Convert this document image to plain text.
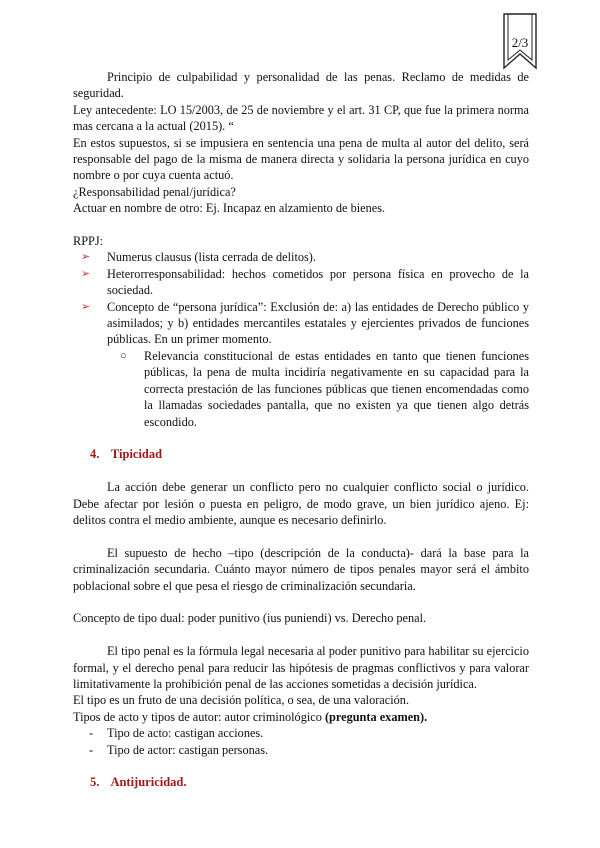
2/3

Principio de culpabilidad y personalidad de las penas. Reclamo de medidas de seguridad.

Ley antecedente: LO 15/2003, de 25 de noviembre y el art. 31 CP, que fue la primera norma mas cercana a la actual (2015). “

En estos supuestos, si se impusiera en sentencia una pena de multa al autor del delito, será responsable del pago de la misma de manera directa y solidaria la persona jurídica en cuyo nombre o por cuya cuenta actuó.

¿Responsabilidad penal/jurídica?

Actuar en nombre de otro: Ej. Incapaz en alzamiento de bienes.

RPPJ:

➢ Numerus clausus (lista cerrada de delitos).
➢ Heterorresponsabilidad: hechos cometidos por persona física en provecho de la sociedad.
➢ Concepto de “persona jurídica”: Exclusión de: a) las entidades de Derecho público y asimilados; y b) entidades mercantiles estatales y ejercientes privados de funciones públicas. En un primer momento.
○ Relevancia constitucional de estas entidades en tanto que tienen funciones públicas, la pena de multa incidiría negativamente en su capacidad para la correcta prestación de las funciones públicas que tienen encomendadas como la llamadas sociedades pantalla, que no existen ya que tienen algo detrás escondido.
4. Tipicidad

La acción debe generar un conflicto pero no cualquier conflicto social o jurídico. Debe afectar por lesión o puesta en peligro, de modo grave, un bien jurídico ajeno. Ej: delitos contra el medio ambiente, aunque es necesario definirlo.

El supuesto de hecho –tipo (descripción de la conducta)- dará la base para la criminalización secundaria. Cuánto mayor número de tipos penales mayor será el ámbito poblacional sobre el que pesa el riesgo de criminalización secundaria.

Concepto de tipo dual: poder punitivo (ius puniendi) vs. Derecho penal.

El tipo penal es la fórmula legal necesaria al poder punitivo para habilitar su ejercicio formal, y el derecho penal para reducir las hipótesis de pragmas conflictivos y para valorar limitativamente la prohibición penal de las acciones sometidas a decisión jurídica.

El tipo es un fruto de una decisión política, o sea, de una valoración.

Tipos de acto y tipos de autor: autor criminológico (pregunta examen).

- Tipo de acto: castigan acciones.
- Tipo de actor: castigan personas.
5. Antijuricidad.
